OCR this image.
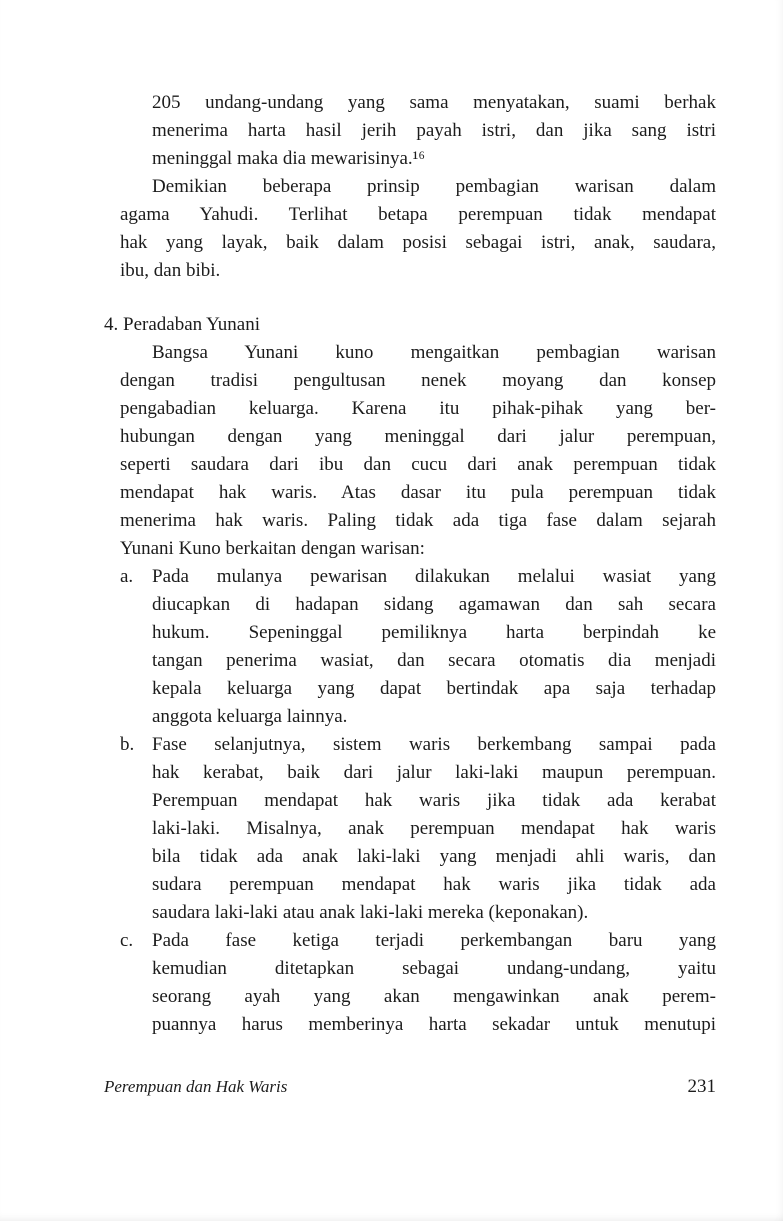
205 undang-undang yang sama menyatakan, suami berhak
menerima harta hasil jerih payah istri, dan jika sang istri
meninggal maka dia mewarisinya.¹⁶
Demikian beberapa prinsip pembagian warisan dalam
agama Yahudi. Terlihat betapa perempuan tidak mendapat
hak yang layak, baik dalam posisi sebagai istri, anak, saudara,
ibu, dan bibi.
4. Peradaban Yunani
Bangsa Yunani kuno mengaitkan pembagian warisan
dengan tradisi pengultusan nenek moyang dan konsep
pengabadian keluarga. Karena itu pihak-pihak yang ber-
hubungan dengan yang meninggal dari jalur perempuan,
seperti saudara dari ibu dan cucu dari anak perempuan tidak
mendapat hak waris. Atas dasar itu pula perempuan tidak
menerima hak waris. Paling tidak ada tiga fase dalam sejarah
Yunani Kuno berkaitan dengan warisan:
a. Pada mulanya pewarisan dilakukan melalui wasiat yang
diucapkan di hadapan sidang agamawan dan sah secara
hukum. Sepeninggal pemiliknya harta berpindah ke
tangan penerima wasiat, dan secara otomatis dia menjadi
kepala keluarga yang dapat bertindak apa saja terhadap
anggota keluarga lainnya.
b. Fase selanjutnya, sistem waris berkembang sampai pada
hak kerabat, baik dari jalur laki-laki maupun perempuan.
Perempuan mendapat hak waris jika tidak ada kerabat
laki-laki. Misalnya, anak perempuan mendapat hak waris
bila tidak ada anak laki-laki yang menjadi ahli waris, dan
sudara perempuan mendapat hak waris jika tidak ada
saudara laki-laki atau anak laki-laki mereka (keponakan).
c. Pada fase ketiga terjadi perkembangan baru yang
kemudian ditetapkan sebagai undang-undang, yaitu
seorang ayah yang akan mengawinkan anak perem-
puannya harus memberinya harta sekadar untuk menutupi
Perempuan dan Hak Waris	231
